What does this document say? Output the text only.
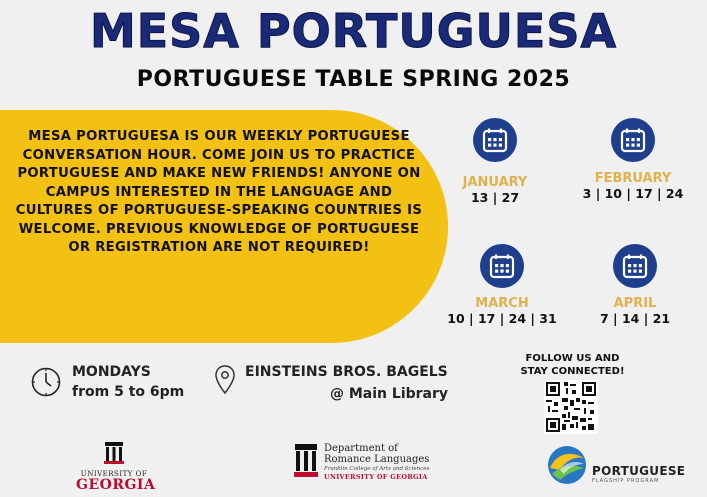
MESA PORTUGUESA
PORTUGUESE TABLE SPRING 2025
MESA PORTUGUESA IS OUR WEEKLY PORTUGUESE CONVERSATION HOUR. COME JOIN US TO PRACTICE PORTUGUESE AND MAKE NEW FRIENDS! ANYONE ON CAMPUS INTERESTED IN THE LANGUAGE AND CULTURES OF PORTUGUESE-SPEAKING COUNTRIES IS WELCOME. PREVIOUS KNOWLEDGE OF PORTUGUESE OR REGISTRATION ARE NOT REQUIRED!
JANUARY
13 | 27
FEBRUARY
3 | 10 | 17 | 24
MARCH
10 | 17 | 24 | 31
APRIL
7 | 14 | 21
MONDAYS
from 5 to 6pm
EINSTEINS BROS. BAGELS
@ Main Library
FOLLOW US AND
STAY CONNECTED!
UNIVERSITY OF
GEORGIA
Department of
Romance Languages
Franklin College of Arts and Sciences
UNIVERSITY OF GEORGIA	PORTUGUESE
FLAGSHIP PROGRAM
